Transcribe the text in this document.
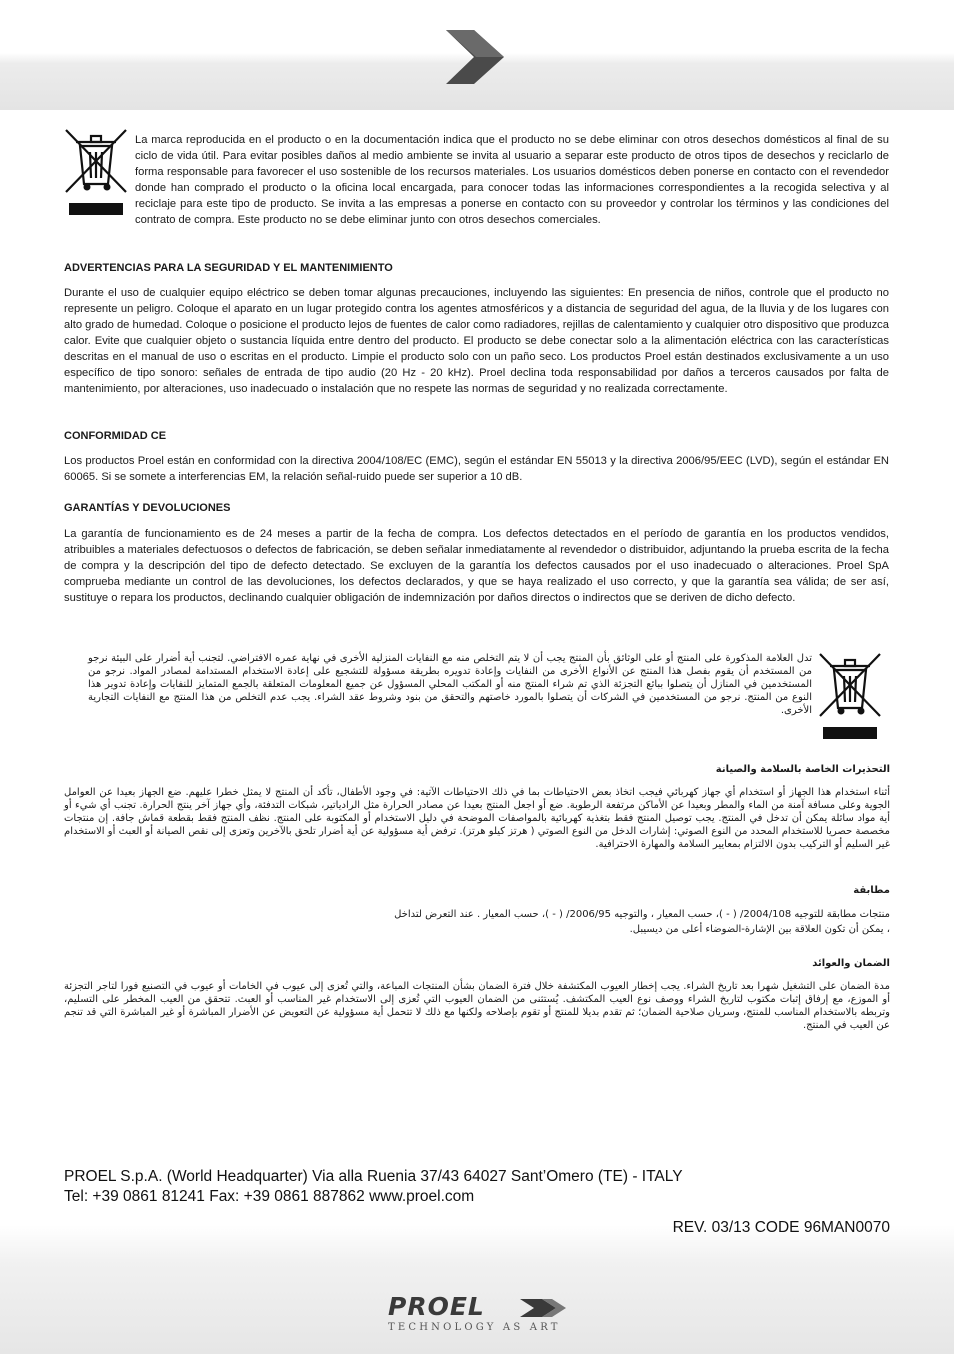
La marca reproducida en el producto o en la documentación indica que el producto no se debe eliminar con otros desechos domésticos al final de su ciclo de vida útil. Para evitar posibles daños al medio ambiente se invita al usuario a separar este producto de otros tipos de desechos y reciclarlo de forma responsable para favorecer el uso sostenible de los recursos materiales. Los usuarios domésticos deben ponerse en contacto con el revendedor donde han comprado el producto o la oficina local encargada, para conocer todas las informaciones correspondientes a la recogida selectiva y al reciclaje para este tipo de producto. Se invita a las empresas a ponerse en contacto con su proveedor y controlar los términos y las condiciones del contrato de compra. Este producto no se debe eliminar junto con otros desechos comerciales.

ADVERTENCIAS PARA LA SEGURIDAD Y EL MANTENIMIENTO

Durante el uso de cualquier equipo eléctrico se deben tomar algunas precauciones, incluyendo las siguientes: En presencia de niños, controle que el producto no represente un peligro. Coloque el aparato en un lugar protegido contra los agentes atmosféricos y a distancia de seguridad del agua, de la lluvia y de los lugares con alto grado de humedad. Coloque o posicione el producto lejos de fuentes de calor como radiadores, rejillas de calentamiento y cualquier otro dispositivo que produzca calor. Evite que cualquier objeto o sustancia líquida entre dentro del producto. El producto se debe conectar solo a la alimentación eléctrica con las características descritas en el manual de uso o escritas en el producto. Limpie el producto solo con un paño seco. Los productos Proel están destinados exclusivamente a un uso específico de tipo sonoro: señales de entrada de tipo audio (20 Hz - 20 kHz). Proel declina toda responsabilidad por daños a terceros causados por falta de mantenimiento, por alteraciones, uso inadecuado o instalación que no respete las normas de seguridad y no realizada correctamente.

CONFORMIDAD CE

Los productos Proel están en conformidad con la directiva 2004/108/EC (EMC), según el estándar EN 55013 y la directiva 2006/95/EEC (LVD), según el estándar EN 60065. Si se somete a interferencias EM, la relación señal-ruido puede ser superior a 10 dB.

GARANTÍAS Y DEVOLUCIONES

La garantía de funcionamiento es de 24 meses a partir de la fecha de compra. Los defectos detectados en el período de garantía en los productos vendidos, atribuibles a materiales defectuosos o defectos de fabricación, se deben señalar inmediatamente al revendedor o distribuidor, adjuntando la prueba escrita de la fecha de compra y la descripción del tipo de defecto detectado. Se excluyen de la garantía los defectos causados por el uso inadecuado o alteraciones. Proel SpA comprueba mediante un control de las devoluciones, los defectos declarados, y que se haya realizado el uso correcto, y que la garantía sea válida; de ser así, sustituye o repara los productos, declinando cualquier obligación de indemnización por daños directos o indirectos que se deriven de dicho defecto.

تدل العلامة المذكورة على المنتج أو على الوثائق بأن المنتج يجب أن لا يتم التخلص منه مع النفايات المنزلية الأخرى في نهاية عمره الافتراضي. لتجنب أية أضرار على البيئة نرجو من المستخدم أن يقوم بفصل هذا المنتج عن الأنواع الأخرى من النفايات وإعادة تدويره بطريقة مسؤولة للتشجيع على إعادة الاستخدام المستدامة لمصادر المواد. نرجو من المستخدمين في المنازل أن يتصلوا ببائع التجزئة الذي تم شراء المنتج منه أو المكتب المحلي المسؤول عن جميع المعلومات المتعلقة بالجمع المتمايز للنفايات وإعادة تدوير هذا النوع من المنتج. نرجو من المستخدمين في الشركات أن يتصلوا بالمورد خاصتهم والتحقق من بنود وشروط عقد الشراء. يجب عدم التخلص من هذا المنتج مع النفايات التجارية الأخرى.

التحذيرات الخاصة بالسلامة والصيانة

أثناء استخدام هذا الجهاز أو استخدام أي جهاز كهربائي فيجب اتخاذ بعض الاحتياطات بما في ذلك الاحتياطات الآتية: في وجود الأطفال، تأكد أن المنتج لا يمثل خطرا عليهم. ضع الجهاز بعيدا عن العوامل الجوية وعلى مسافة آمنة من الماء والمطر وبعيدا عن الأماكن مرتفعة الرطوبة. ضع أو اجعل المنتج بعيدا عن مصادر الحرارة مثل الرادياتير، شبكات التدفئة، وأي جهاز آخر ينتج الحرارة. تجنب أي شيء أو أية مواد سائلة يمكن أن تدخل في المنتج. يجب توصيل المنتج فقط بتغذية كهربائية بالمواصفات الموضحة في دليل الاستخدام أو المكتوبة على المنتج. نظف المنتج فقط بقطعة قماش جافة. إن منتجات مخصصة حصريا للاستخدام المحدد من النوع الصوتي: إشارات الدخل من النوع الصوتي ( هرتز كيلو هرتز). ترفض أية مسؤولية عن أية أضرار تلحق بالآخرين وتعزى إلى نقص الصيانة أو العبث أو الاستخدام غير السليم أو التركيب بدون الالتزام بمعايير السلامة والمهارة الاحترافية.

مطابقة

منتجات مطابقة للتوجيه 2004/108/ ( - )، حسب المعيار ، والتوجيه 2006/95/ ( - )، حسب المعيار . عند التعرض لتداخل

، يمكن أن تكون العلاقة بين الإشارة-الضوضاء أعلى من ديسيبل.

الضمان والعوائد

مدة الضمان على التشغيل شهرا بعد تاريخ الشراء. يجب إخطار العيوب المكتشفة خلال فترة الضمان بشأن المنتجات المباعة، والتي تُعزى إلى عيوب في الخامات أو عيوب في التصنيع فورا لتاجر التجزئة أو الموزع، مع إرفاق إثبات مكتوب لتاريخ الشراء ووصف نوع العيب المكتشف. يُستثنى من الضمان العيوب التي تُعزى إلى الاستخدام غير المناسب أو العبث. تتحقق من العيب المخطر على التسليم، وتربطه بالاستخدام المناسب للمنتج، وسريان صلاحية الضمان؛ ثم تقدم بديلا للمنتج أو تقوم بإصلاحه ولكنها مع ذلك لا تتحمل أية مسؤولية عن التعويض عن الأضرار المباشرة أو غير المباشرة التي قد تنجم عن العيب في المنتج.

PROEL S.p.A. (World Headquarter) Via alla Ruenia 37/43 64027 Sant’Omero (TE) - ITALY

Tel: +39 0861 81241 Fax: +39 0861 887862 www.proel.com

REV. 03/13 CODE 96MAN0070

PROEL

TECHNOLOGY AS ART
